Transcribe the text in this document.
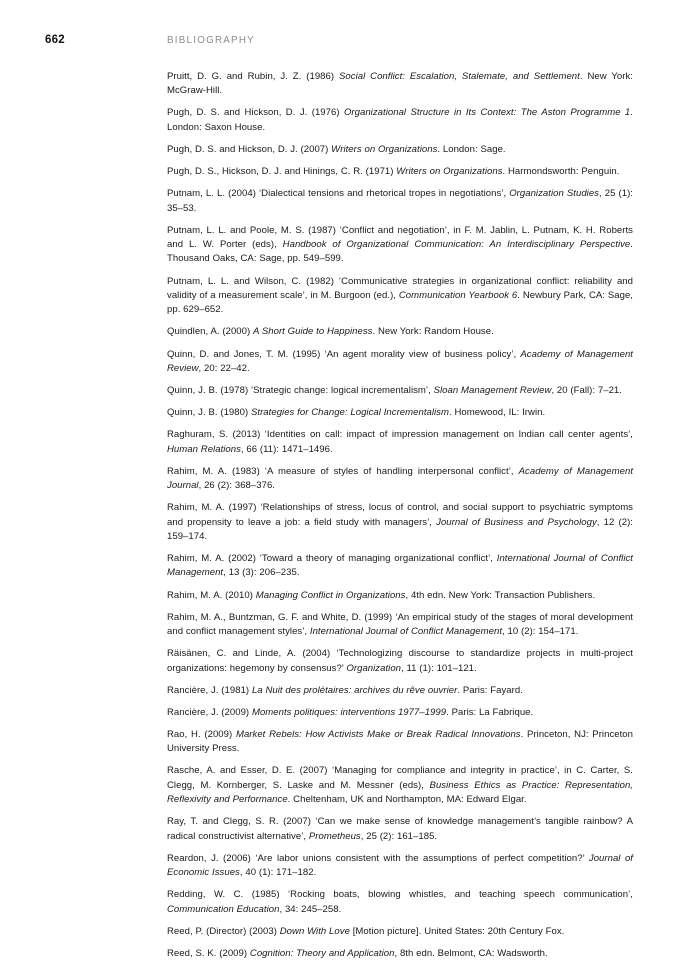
662	BIBLIOGRAPHY

Pruitt, D. G. and Rubin, J. Z. (1986) Social Conflict: Escalation, Stalemate, and Settlement. New York: McGraw-Hill.

Pugh, D. S. and Hickson, D. J. (1976) Organizational Structure in Its Context: The Aston Programme 1. London: Saxon House.

Pugh, D. S. and Hickson, D. J. (2007) Writers on Organizations. London: Sage.

Pugh, D. S., Hickson, D. J. and Hinings, C. R. (1971) Writers on Organizations. Harmondsworth: Penguin.

Putnam, L. L. (2004) ‘Dialectical tensions and rhetorical tropes in negotiations’, Organization Studies, 25 (1): 35–53.

Putnam, L. L. and Poole, M. S. (1987) ‘Conflict and negotiation’, in F. M. Jablin, L. Putnam, K. H. Roberts and L. W. Porter (eds), Handbook of Organizational Communication: An Interdisciplinary Perspective. Thousand Oaks, CA: Sage, pp. 549–599.

Putnam, L. L. and Wilson, C. (1982) ‘Communicative strategies in organizational conflict: reliability and validity of a measurement scale’, in M. Burgoon (ed.), Communication Yearbook 6. Newbury Park, CA: Sage, pp. 629–652.

Quindlen, A. (2000) A Short Guide to Happiness. New York: Random House.

Quinn, D. and Jones, T. M. (1995) ‘An agent morality view of business policy’, Academy of Management Review, 20: 22–42.

Quinn, J. B. (1978) ‘Strategic change: logical incrementalism’, Sloan Management Review, 20 (Fall): 7–21.

Quinn, J. B. (1980) Strategies for Change: Logical Incrementalism. Homewood, IL: Irwin.

Raghuram, S. (2013) ‘Identities on call: impact of impression management on Indian call center agents’, Human Relations, 66 (11): 1471–1496.

Rahim, M. A. (1983) ‘A measure of styles of handling interpersonal conflict’, Academy of Management Journal, 26 (2): 368–376.

Rahim, M. A. (1997) ‘Relationships of stress, locus of control, and social support to psychiatric symptoms and propensity to leave a job: a field study with managers’, Journal of Business and Psychology, 12 (2): 159–174.

Rahim, M. A. (2002) ‘Toward a theory of managing organizational conflict’, International Journal of Conflict Management, 13 (3): 206–235.

Rahim, M. A. (2010) Managing Conflict in Organizations, 4th edn. New York: Transaction Publishers.

Rahim, M. A., Buntzman, G. F. and White, D. (1999) ‘An empirical study of the stages of moral development and conflict management styles’, International Journal of Conflict Management, 10 (2): 154–171.

Räisänen, C. and Linde, A. (2004) ‘Technologizing discourse to standardize projects in multi-project organizations: hegemony by consensus?’ Organization, 11 (1): 101–121.

Rancière, J. (1981) La Nuit des prolétaires: archives du rêve ouvrier. Paris: Fayard.

Rancière, J. (2009) Moments politiques: interventions 1977–1999. Paris: La Fabrique.

Rao, H. (2009) Market Rebels: How Activists Make or Break Radical Innovations. Princeton, NJ: Princeton University Press.

Rasche, A. and Esser, D. E. (2007) ‘Managing for compliance and integrity in practice’, in C. Carter, S. Clegg, M. Kornberger, S. Laske and M. Messner (eds), Business Ethics as Practice: Representation, Reflexivity and Performance. Cheltenham, UK and Northampton, MA: Edward Elgar.

Ray, T. and Clegg, S. R. (2007) ‘Can we make sense of knowledge management’s tangible rainbow? A radical constructivist alternative’, Prometheus, 25 (2): 161–185.

Reardon, J. (2006) ‘Are labor unions consistent with the assumptions of perfect competition?’ Journal of Economic Issues, 40 (1): 171–182.

Redding, W. C. (1985) ‘Rocking boats, blowing whistles, and teaching speech communication’, Communication Education, 34: 245–258.

Reed, P. (Director) (2003) Down With Love [Motion picture]. United States: 20th Century Fox.

Reed, S. K. (2009) Cognition: Theory and Application, 8th edn. Belmont, CA: Wadsworth.
